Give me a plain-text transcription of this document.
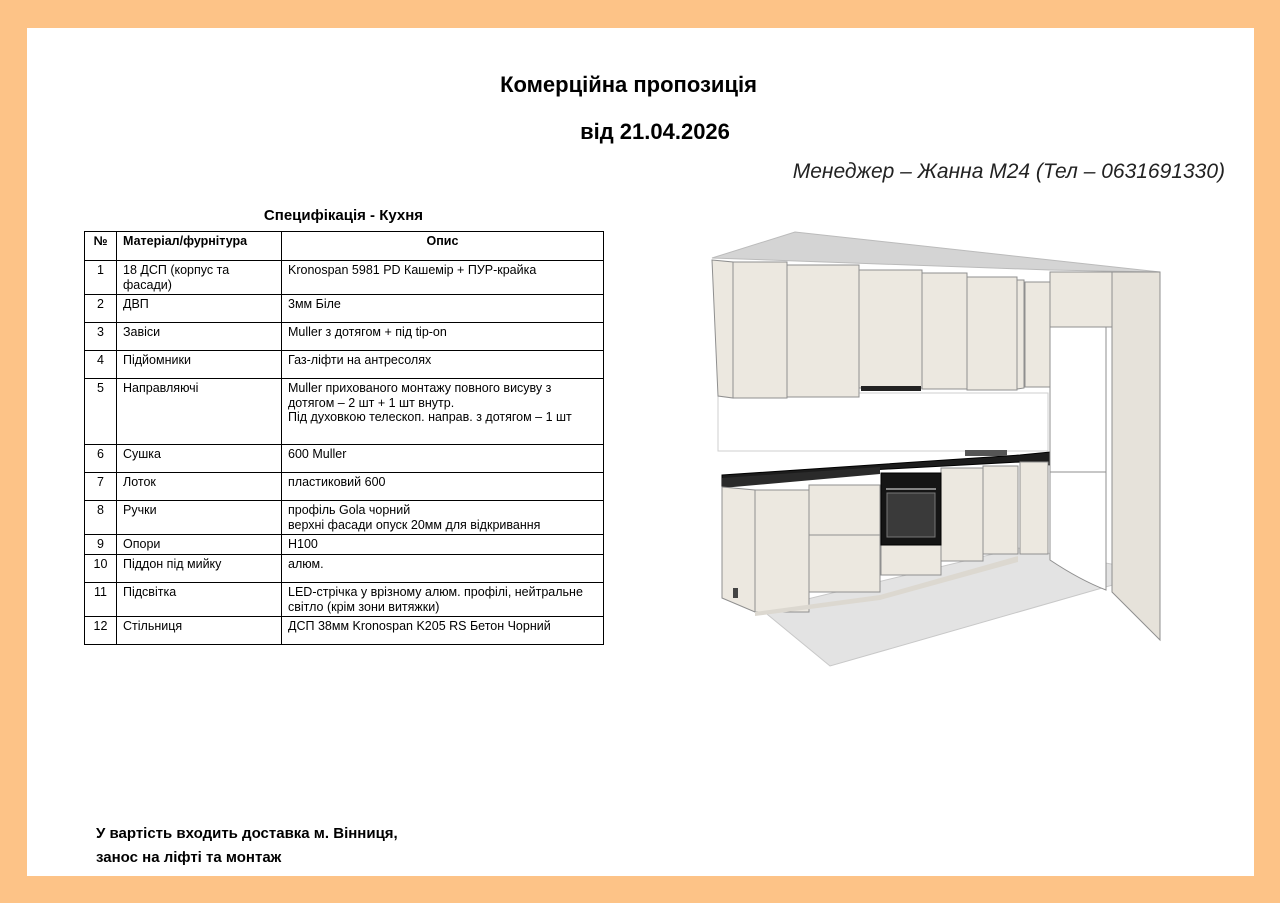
Комерційна пропозиція
від 21.04.2026
Менеджер – Жанна М24 (Тел – 0631691330)
Специфікація - Кухня
№	Матеріал/фурнітура	Опис
1	18 ДСП (корпус та фасади)	Kronospan 5981 PD Кашемір + ПУР-крайка

2	ДВП	3мм Біле

3	Завіси	Muller з дотягом + під tip-on

4	Підйомники	Газ-ліфти на антресолях

5	Направляючі	Muller прихованого монтажу повного висуву з дотягом – 2 шт + 1 шт внутр.
Під духовкою телескоп. направ. з дотягом – 1 шт

6	Сушка	600 Muller

7	Лоток	пластиковий 600

8	Ручки	профіль Gola чорний
верхні фасади опуск 20мм для відкривання

9	Опори	Н100

10	Піддон під мийку	алюм.

11	Підсвітка	LED-стрічка у врізному алюм. профілі, нейтральне світло (крім зони витяжки)

12	Стільниця	ДСП 38мм Kronospan K205 RS Бетон Чорний
У вартість входить доставка м. Вінниця,
занос на ліфті та монтаж
